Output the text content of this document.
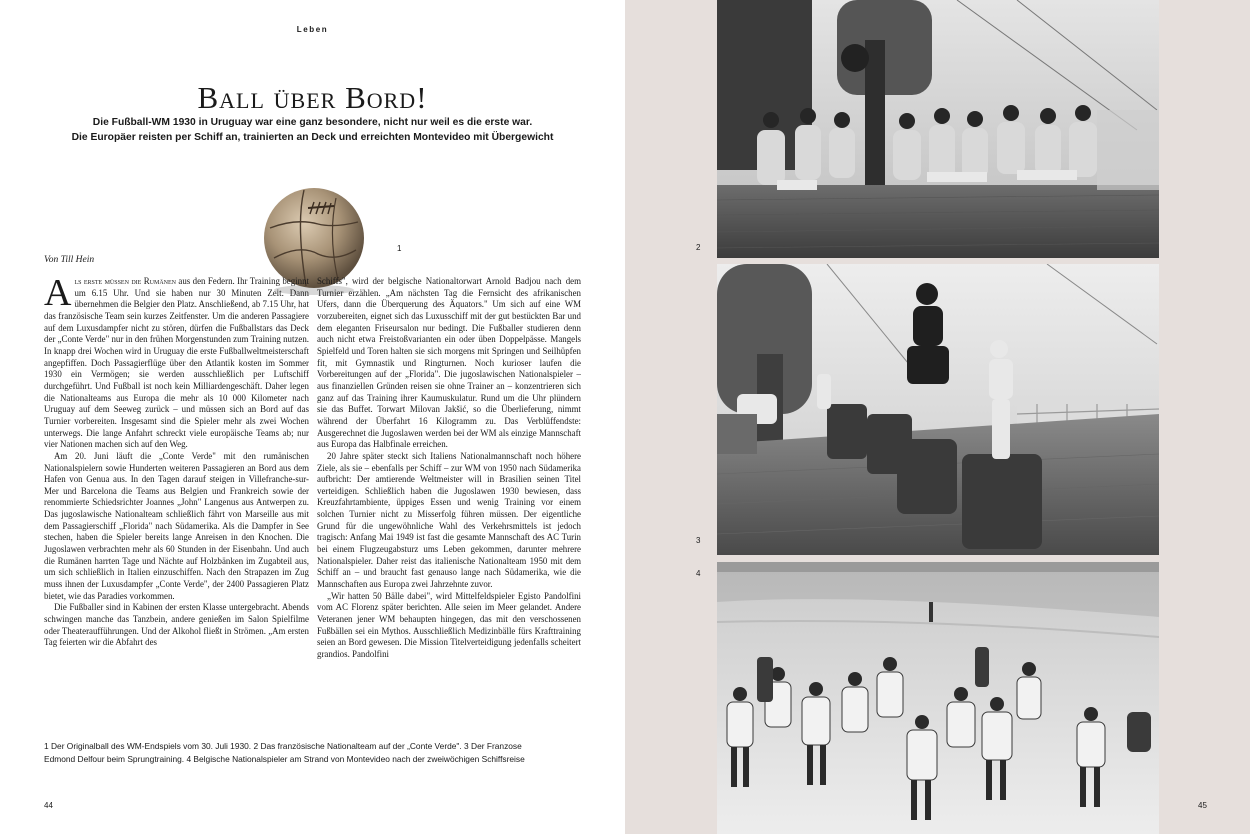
Leben
Ball über Bord!
Die Fußball-WM 1930 in Uruguay war eine ganz besondere, nicht nur weil es die erste war.
Die Europäer reisten per Schiff an, trainierten an Deck und erreichten Montevideo mit Übergewicht
1
Von Till Hein

Als erste müssen die Rumänen aus den Federn. Ihr Training beginnt um 6.15 Uhr. Und sie haben nur 30 Minuten Zeit. Dann übernehmen die Belgier den Platz. Anschließend, ab 7.15 Uhr, hat das französische Team sein kurzes Zeitfenster. Um die anderen Passagiere auf dem Luxusdampfer nicht zu stören, dürfen die Fußballstars das Deck der „Conte Verde" nur in den frühen Morgenstunden zum Training nutzen. In knapp drei Wochen wird in Uruguay die erste Fußballweltmeisterschaft angepfiffen. Doch Passagierflüge über den Atlantik kosten im Sommer 1930 ein Vermögen; sie werden ausschließlich per Luftschiff durchgeführt. Und Fußball ist noch kein Milliardengeschäft. Daher legen die Nationalteams aus Europa die mehr als 10 000 Kilometer nach Uruguay auf dem Seeweg zurück – und müssen sich an Bord auf das Turnier vorbereiten. Insgesamt sind die Spieler mehr als zwei Wochen unterwegs. Die lange Anfahrt schreckt viele europäische Teams ab; nur vier Nationen machen sich auf den Weg.

Am 20. Juni läuft die „Conte Verde" mit den rumänischen Nationalspielern sowie Hunderten weiteren Passagieren an Bord aus dem Hafen von Genua aus. In den Tagen darauf steigen in Villefranche-sur-Mer und Barcelona die Teams aus Belgien und Frankreich sowie der renommierte Schiedsrichter Joannes „John" Langenus aus Antwerpen zu. Das jugoslawische Nationalteam schließlich fährt von Marseille aus mit dem Passagierschiff „Florida" nach Südamerika. Als die Dampfer in See stechen, haben die Spieler bereits lange Anreisen in den Knochen. Die Jugoslawen verbrachten mehr als 60 Stunden in der Eisenbahn. Und auch die Rumänen harrten Tage und Nächte auf Holzbänken im Zugabteil aus, um sich schließlich in Italien einzuschiffen. Nach den Strapazen im Zug muss ihnen der Luxusdampfer „Conte Verde", der 2400 Passagieren Platz bietet, wie das Paradies vorkommen.

Die Fußballer sind in Kabinen der ersten Klasse untergebracht. Abends schwingen manche das Tanzbein, andere genießen im Salon Spielfilme oder Theateraufführungen. Und der Alkohol fließt in Strömen. „Am ersten Tag feierten wir die Abfahrt des

Schiffs", wird der belgische Nationaltorwart Arnold Badjou nach dem Turnier erzählen. „Am nächsten Tag die Fernsicht des afrikanischen Ufers, dann die Überquerung des Äquators." Um sich auf eine WM vorzubereiten, eignet sich das Luxusschiff mit der gut bestückten Bar und dem eleganten Friseursalon nur bedingt. Die Fußballer studieren denn auch nicht etwa Freistoßvarianten ein oder üben Doppelpässe. Mangels Spielfeld und Toren halten sie sich morgens mit Springen und Seilhüpfen fit, mit Gymnastik und Ringturnen. Noch kurioser laufen die Vorbereitungen auf der „Florida". Die jugoslawischen Nationalspieler – aus finanziellen Gründen reisen sie ohne Trainer an – konzentrieren sich ganz auf das Training ihrer Kaumuskulatur. Rund um die Uhr plündern sie das Buffet. Torwart Milovan Jakšić, so die Überlieferung, nimmt während der Überfahrt 16 Kilogramm zu. Das Verblüffendste: Ausgerechnet die Jugoslawen werden bei der WM als einzige Mannschaft aus Europa das Halbfinale erreichen.

20 Jahre später steckt sich Italiens Nationalmannschaft noch höhere Ziele, als sie – ebenfalls per Schiff – zur WM von 1950 nach Südamerika aufbricht: Der amtierende Weltmeister will in Brasilien seinen Titel verteidigen. Schließlich haben die Jugoslawen 1930 bewiesen, dass Kreuzfahrtambiente, üppiges Essen und wenig Training vor einem solchen Turnier nicht zu Misserfolg führen müssen. Der eigentliche Grund für die ungewöhnliche Wahl des Verkehrsmittels ist jedoch tragisch: Anfang Mai 1949 ist fast die gesamte Mannschaft des AC Turin bei einem Flugzeugabsturz ums Leben gekommen, darunter mehrere Nationalspieler. Daher reist das italienische Nationalteam 1950 mit dem Schiff an – und braucht fast genauso lange nach Südamerika, wie die Mannschaften aus Europa zwei Jahrzehnte zuvor.

„Wir hatten 50 Bälle dabei", wird Mittelfeldspieler Egisto Pandolfini vom AC Florenz später berichten. Alle seien im Meer gelandet. Andere Veteranen jener WM behaupten hingegen, das mit den verschossenen Fußbällen sei ein Mythos. Ausschließlich Medizinbälle fürs Krafttraining seien an Bord gewesen. Die Mission Titelverteidigung jedenfalls scheitert grandios. Pandolfini

1 Der Originalball des WM-Endspiels vom 30. Juli 1930. 2 Das französische Nationalteam auf der „Conte Verde". 3 Der Franzose
Edmond Delfour beim Sprungtraining. 4 Belgische Nationalspieler am Strand von Montevideo nach der zweiwöchigen Schiffsreise
44
2
3
4
45
